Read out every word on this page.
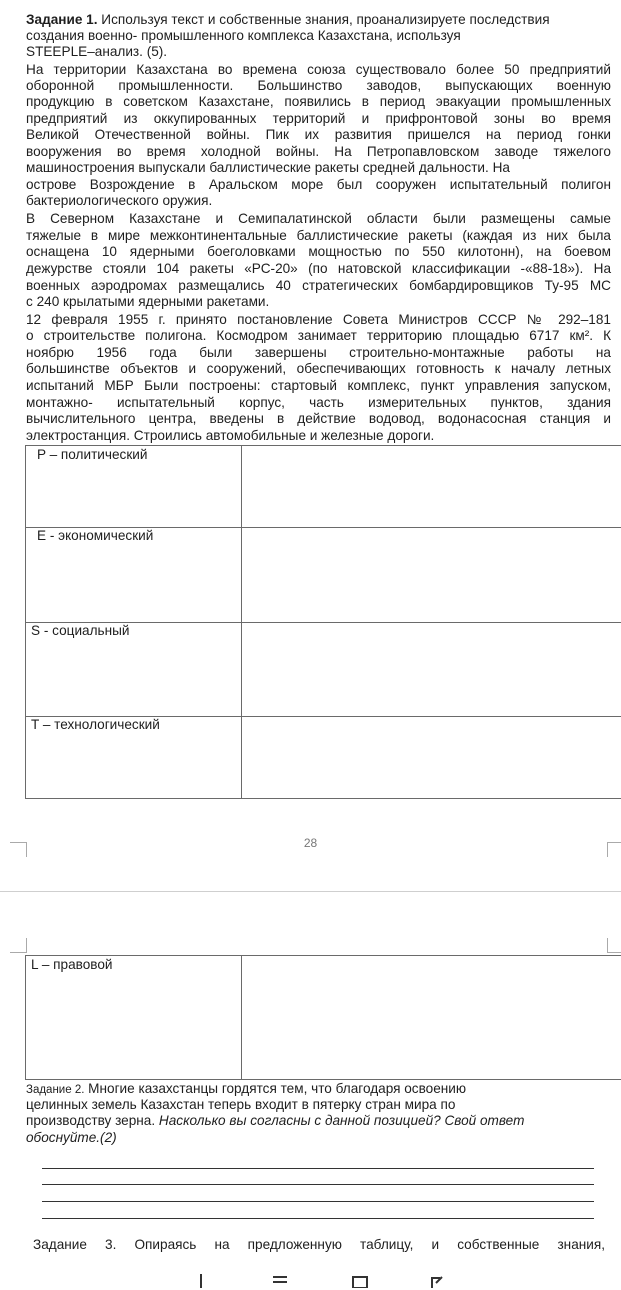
Задание 1. Используя текст и собственные знания, проанализируете последствия
создания военно- промышленного комплекса Казахстана, используя
STEEPLE–анализ. (5).
На территории Казахстана во времена союза существовало более 50 предприятий
оборонной промышленности. Большинство заводов, выпускающих военную
продукцию в советском Казахстане, появились в период эвакуации промышленных
предприятий из оккупированных территорий и прифронтовой зоны во время
Великой Отечественной войны. Пик их развития пришелся на период гонки
вооружения во время холодной войны. На Петропавловском заводе тяжелого
машиностроения выпускали баллистические ракеты средней дальности. На
острове Возрождение в Аральском море был сооружен испытательный полигон
бактериологического оружия.
В Северном Казахстане и Семипалатинской области были размещены самые
тяжелые в мире межконтинентальные баллистические ракеты (каждая из них была
оснащена 10 ядерными боеголовками мощностью по 550 килотонн), на боевом
дежурстве стояли 104 ракеты «РС-20» (по натовской классификации -«88-18»). На
военных аэродромах размещались 40 стратегических бомбардировщиков Ту-95 МС
с 240 крылатыми ядерными ракетами.
12 февраля 1955 г. принято постановление Совета Министров СССР № 292–181
о строительстве полигона. Космодром занимает территорию площадью 6717 км². К
ноябрю 1956 года были завершены строительно-монтажные работы на
большинстве объектов и сооружений, обеспечивающих готовность к началу летных
испытаний МБР Были построены: стартовый комплекс, пункт управления запуском,
монтажно- испытательный корпус, часть измерительных пунктов, здания
вычислительного центра, введены в действие водовод, водонасосная станция и
электростанция. Строились автомобильные и железные дороги.
P – политический
E - экономический
S - социальный
T – технологический
28
L – правовой
Задание 2. Многие казахстанцы гордятся тем, что благодаря освоению
целинных земель Казахстан теперь входит в пятерку стран мира по
производству зерна. Насколько вы согласны с данной позицией? Свой ответ
обоснуйте.(2)
Задание 3. Опираясь на предложенную таблицу, и собственные знания,
